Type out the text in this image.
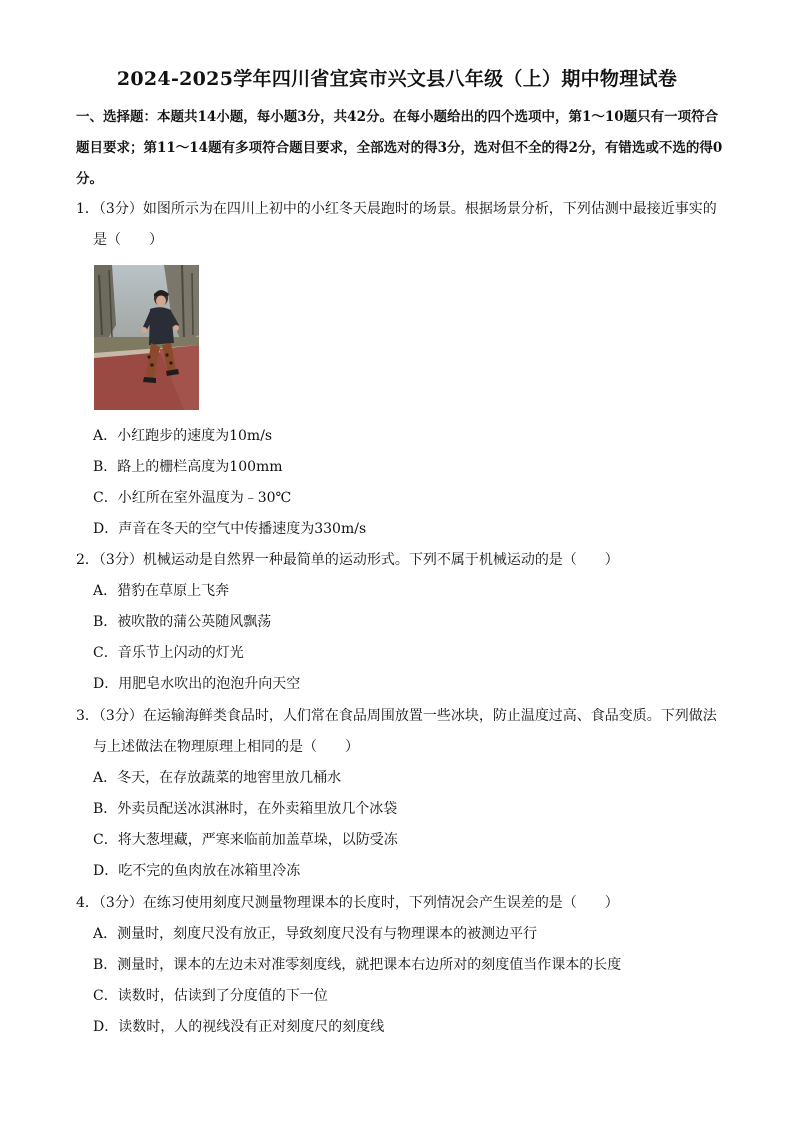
2024-2025学年四川省宜宾市兴文县八年级（上）期中物理试卷
一、选择题：本题共14小题，每小题3分，共42分。在每小题给出的四个选项中，第1～10题只有一项符合题目要求；第11～14题有多项符合题目要求，全部选对的得3分，选对但不全的得2分，有错选或不选的得0分。
1．（3分）如图所示为在四川上初中的小红冬天晨跑时的场景。根据场景分析，下列估测中最接近事实的
是（　　）
A．小红跑步的速度为10m/s
B．路上的栅栏高度为100mm
C．小红所在室外温度为﹣30℃
D．声音在冬天的空气中传播速度为330m/s
2．（3分）机械运动是自然界一种最简单的运动形式。下列不属于机械运动的是（　　）
A．猎豹在草原上飞奔
B．被吹散的蒲公英随风飘荡
C．音乐节上闪动的灯光
D．用肥皂水吹出的泡泡升向天空
3．（3分）在运输海鲜类食品时，人们常在食品周围放置一些冰块，防止温度过高、食品变质。下列做法
与上述做法在物理原理上相同的是（　　）
A．冬天，在存放蔬菜的地窖里放几桶水
B．外卖员配送冰淇淋时，在外卖箱里放几个冰袋
C．将大葱埋藏，严寒来临前加盖草垛，以防受冻
D．吃不完的鱼肉放在冰箱里冷冻
4．（3分）在练习使用刻度尺测量物理课本的长度时，下列情况会产生误差的是（　　）
A．测量时，刻度尺没有放正，导致刻度尺没有与物理课本的被测边平行
B．测量时，课本的左边未对准零刻度线，就把课本右边所对的刻度值当作课本的长度
C．读数时，估读到了分度值的下一位
D．读数时，人的视线没有正对刻度尺的刻度线
